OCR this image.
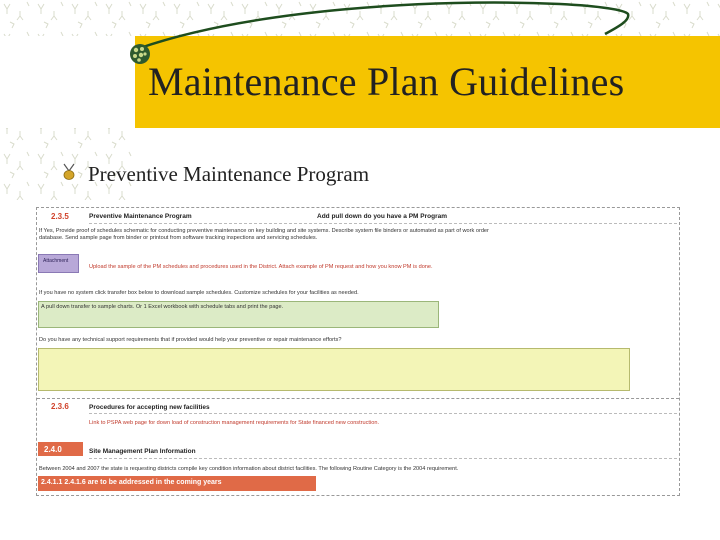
Maintenance Plan Guidelines
Preventive Maintenance Program
2.3.5	Preventive Maintenance Program	Add pull down do you have a PM Program
If Yes, Provide proof of schedules schematic for conducting preventive maintenance on key building and site systems. Describe system file binders or automated as part of work order
database. Send sample page from binder or printout from software tracking inspections and servicing schedules.
Attachment
Upload the sample of the PM schedules and procedures used in the District. Attach example of PM request and how you know PM is done.
If you have no system click transfer box below to download sample schedules. Customize schedules for your facilities as needed.
A pull down transfer to sample charts. Or 1 Excel workbook with schedule tabs and print the page.
Do you have any technical support requirements that if provided would help your preventive or repair maintenance efforts?
2.3.6	Procedures for accepting new facilities
Link to PSPA web page for down load of construction management requirements for State financed new construction.
2.4.0	Site Management Plan Information
Between 2004 and 2007 the state is requesting districts compile key condition information about district facilities. The following Routine Category is the 2004 requirement.
2.4.1.1 2.4.1.6 are to be addressed in the coming years
